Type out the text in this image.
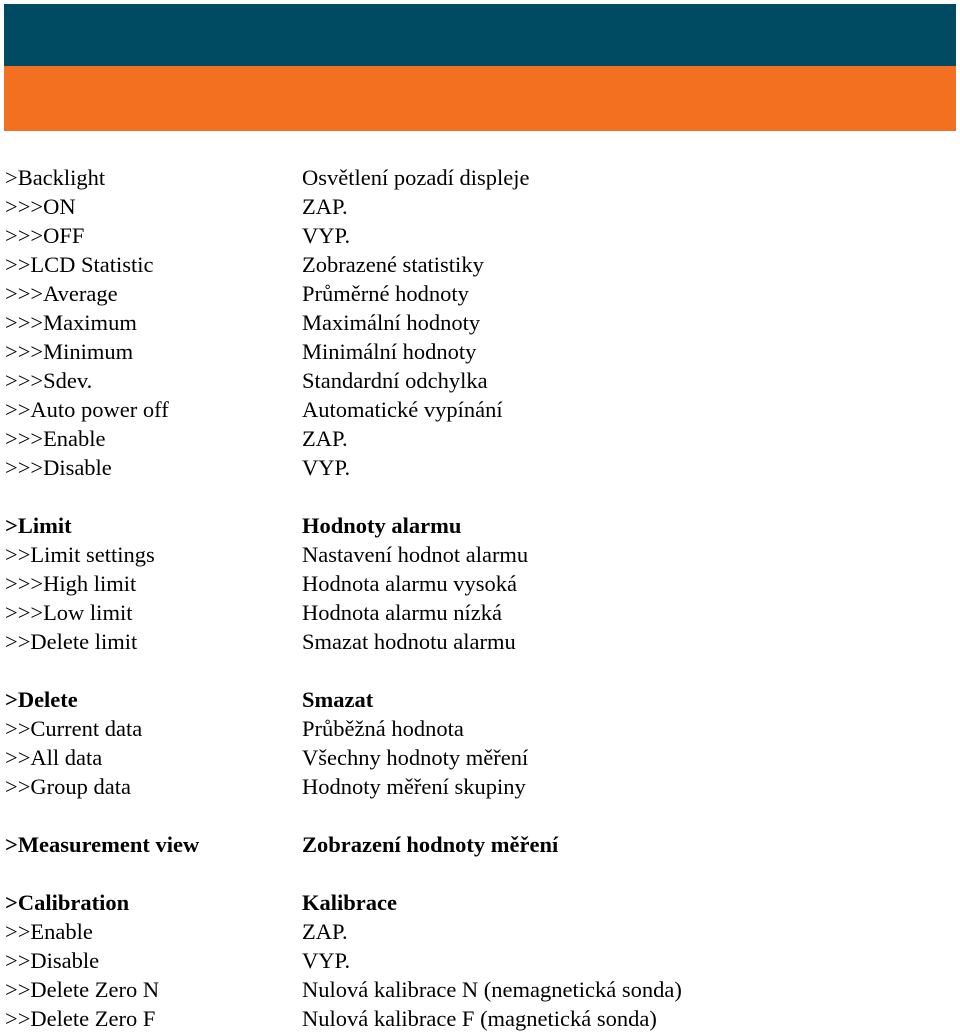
>Backlight	Osvětlení pozadí displeje
>>>ON	ZAP.
>>>OFF	VYP.
>>LCD Statistic	Zobrazené statistiky
>>>Average	Průměrné hodnoty
>>>Maximum	Maximální hodnoty
>>>Minimum	Minimální hodnoty
>>>Sdev.	Standardní odchylka
>>Auto power off	Automatické vypínání
>>>Enable	ZAP.
>>>Disable	VYP.
>Limit	Hodnoty alarmu
>>Limit settings	Nastavení hodnot alarmu
>>>High limit	Hodnota alarmu vysoká
>>>Low limit	Hodnota alarmu nízká
>>Delete limit	Smazat hodnotu alarmu
>Delete	Smazat
>>Current data	Průběžná hodnota
>>All data	Všechny hodnoty měření
>>Group data	Hodnoty měření skupiny
>Measurement view	Zobrazení hodnoty měření
>Calibration	Kalibrace
>>Enable	ZAP.
>>Disable	VYP.
>>Delete Zero N	Nulová kalibrace N (nemagnetická sonda)
>>Delete Zero F	Nulová kalibrace F (magnetická sonda)
